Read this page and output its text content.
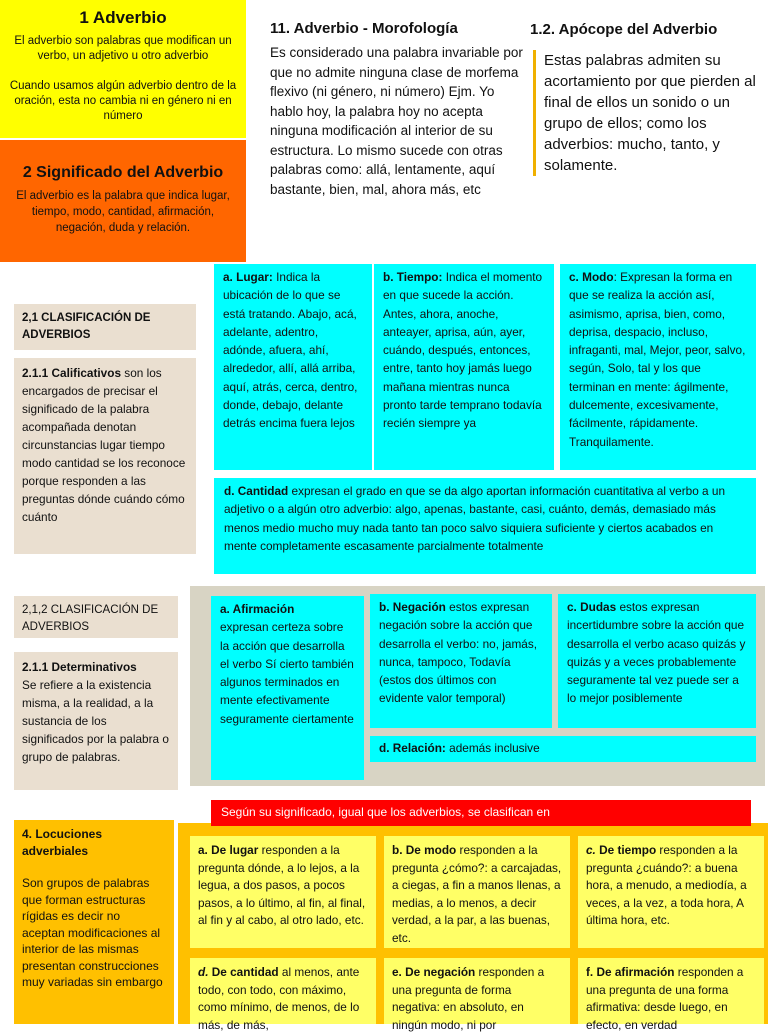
1 Adverbio
El adverbio son palabras que modifican un verbo, un adjetivo u otro adverbio
Cuando usamos algún adverbio dentro de la oración, esta no cambia ni en género ni en número
2 Significado del Adverbio
El adverbio es la palabra que indica lugar, tiempo, modo, cantidad, afirmación, negación, duda y relación.
11. Adverbio - Morofología
Es considerado una palabra invariable por que no admite ninguna clase de morfema flexivo (ni género, ni número) Ejm. Yo hablo hoy, la palabra hoy no acepta ninguna modificación al interior de su estructura. Lo mismo sucede con otras palabras como: allá, lentamente, aquí bastante, bien, mal, ahora más, etc
1.2. Apócope del Adverbio
Estas palabras admiten su acortamiento por que pierden al final de ellos un sonido o un grupo de ellos; como los adverbios: mucho, tanto, y solamente.
2,1 CLASIFICACIÓN DE ADVERBIOS
2.1.1 Calificativos son los encargados de precisar el significado de la palabra acompañada denotan circunstancias lugar tiempo modo cantidad se los reconoce porque responden a las preguntas dónde cuándo cómo cuánto
a. Lugar: Indica la ubicación de lo que se está tratando. Abajo, acá, adelante, adentro, adónde, afuera, ahí, alrededor, allí, allá arriba, aquí, atrás, cerca, dentro, donde, debajo, delante detrás encima fuera lejos
b. Tiempo: Indica el momento en que sucede la acción. Antes, ahora, anoche, anteayer, aprisa, aún, ayer, cuándo, después, entonces, entre, tanto hoy jamás luego mañana mientras nunca pronto tarde temprano todavía recién siempre ya
c. Modo: Expresan la forma en que se realiza la acción así, asimismo, aprisa, bien, como, deprisa, despacio, incluso, infraganti, mal, Mejor, peor, salvo, según, Solo, tal y los que terminan en mente: ágilmente, dulcemente, excesivamente, fácilmente, rápidamente. Tranquilamente.
d. Cantidad expresan el grado en que se da algo aportan información cuantitativa al verbo a un adjetivo o a algún otro adverbio: algo, apenas, bastante, casi, cuánto, demás, demasiado más menos medio mucho muy nada tanto tan poco salvo siquiera suficiente y ciertos acabados en mente completamente escasamente parcialmente totalmente
2,1,2 CLASIFICACIÓN DE ADVERBIOS
2.1.1 Determinativos
Se refiere a la existencia misma, a la realidad, a la sustancia de los significados por la palabra o grupo de palabras.
a. Afirmación
expresan certeza sobre la acción que desarrolla el verbo Sí cierto también algunos terminados en mente efectivamente seguramente ciertamente
b. Negación estos expresan negación sobre la acción que desarrolla el verbo: no, jamás, nunca, tampoco, Todavía (estos dos últimos con evidente valor temporal)
c. Dudas estos expresan incertidumbre sobre la acción que desarrolla el verbo acaso quizás y quizás y a veces probablemente seguramente tal vez puede ser a lo mejor posiblemente
d. Relación: además inclusive
Según su significado, igual que los adverbios, se clasifican en
4. Locuciones adverbiales
Son grupos de palabras que forman estructuras rígidas es decir no aceptan modificaciones al interior de las mismas presentan construcciones muy variadas sin embargo
a. De lugar responden a la pregunta dónde, a lo lejos, a la legua, a dos pasos, a pocos pasos, a lo último, al fin, al final, al fin y al cabo, al otro lado, etc.
b. De modo responden a la pregunta ¿cómo?: a carcajadas, a ciegas, a fin a manos llenas, a medias, a lo menos, a decir verdad, a la par, a las buenas, etc.
c. De tiempo responden a la pregunta ¿cuándo?: a buena hora, a menudo, a mediodía, a veces, a la vez, a toda hora, A última hora, etc.
d. De cantidad al menos, ante todo, con todo, con máximo, como mínimo, de menos, de lo más, de más,
e. De negación responden a una pregunta de forma negativa: en absoluto, en ningún modo, ni por
f. De afirmación responden a una pregunta de una forma afirmativa: desde luego, en efecto, en verdad
